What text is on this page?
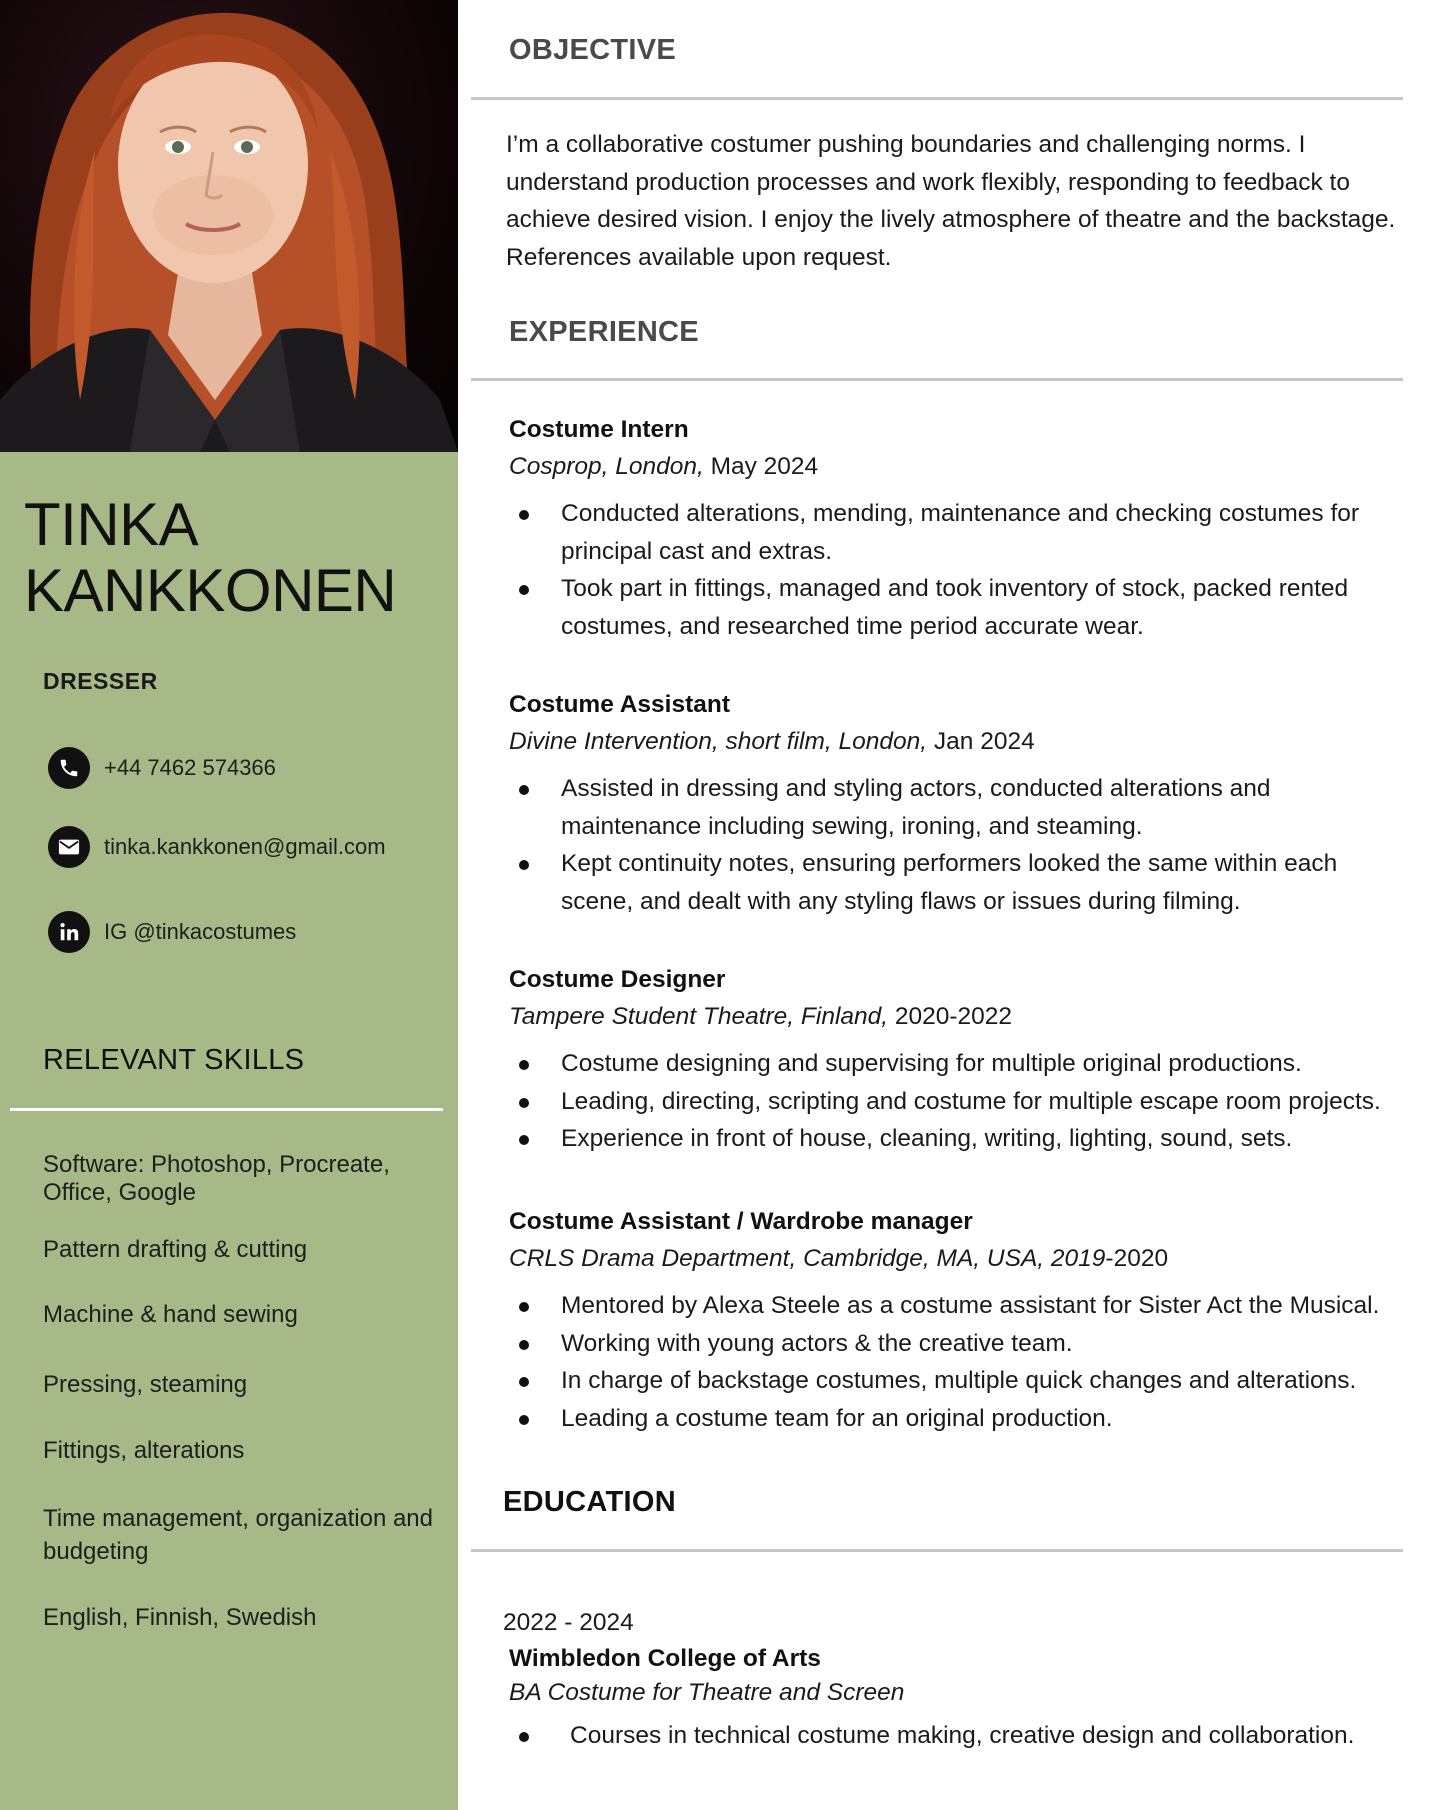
TINKA
KANKKONEN
DRESSER
+44 7462 574366
tinka.kankkonen@gmail.com
IG @tinkacostumes
RELEVANT SKILLS
Software: Photoshop, Procreate, Office, Google
Pattern drafting & cutting
Machine & hand sewing
Pressing, steaming
Fittings, alterations
Time management, organization and budgeting
English, Finnish, Swedish
OBJECTIVE

I’m a collaborative costumer pushing boundaries and challenging norms. I understand production processes and work flexibly, responding to feedback to achieve desired vision. I enjoy the lively atmosphere of theatre and the backstage. References available upon request.

EXPERIENCE
Costume Intern
Cosprop, London, May 2024
Conducted alterations, mending, maintenance and checking costumes for principal cast and extras.
Took part in fittings, managed and took inventory of stock, packed rented costumes, and researched time period accurate wear.
Costume Assistant
Divine Intervention, short film, London, Jan 2024
Assisted in dressing and styling actors, conducted alterations and maintenance including sewing, ironing, and steaming.
Kept continuity notes, ensuring performers looked the same within each scene, and dealt with any styling flaws or issues during filming.
Costume Designer
Tampere Student Theatre, Finland, 2020-2022
Costume designing and supervising for multiple original productions.
Leading, directing, scripting and costume for multiple escape room projects.
Experience in front of house, cleaning, writing, lighting, sound, sets.
Costume Assistant / Wardrobe manager
CRLS Drama Department, Cambridge, MA, USA, 2019-2020
Mentored by Alexa Steele as a costume assistant for Sister Act the Musical.
Working with young actors & the creative team.
In charge of backstage costumes, multiple quick changes and alterations.
Leading a costume team for an original production.
EDUCATION
2022 - 2024
Wimbledon College of Arts
BA Costume for Theatre and Screen
Courses in technical costume making, creative design and collaboration.
